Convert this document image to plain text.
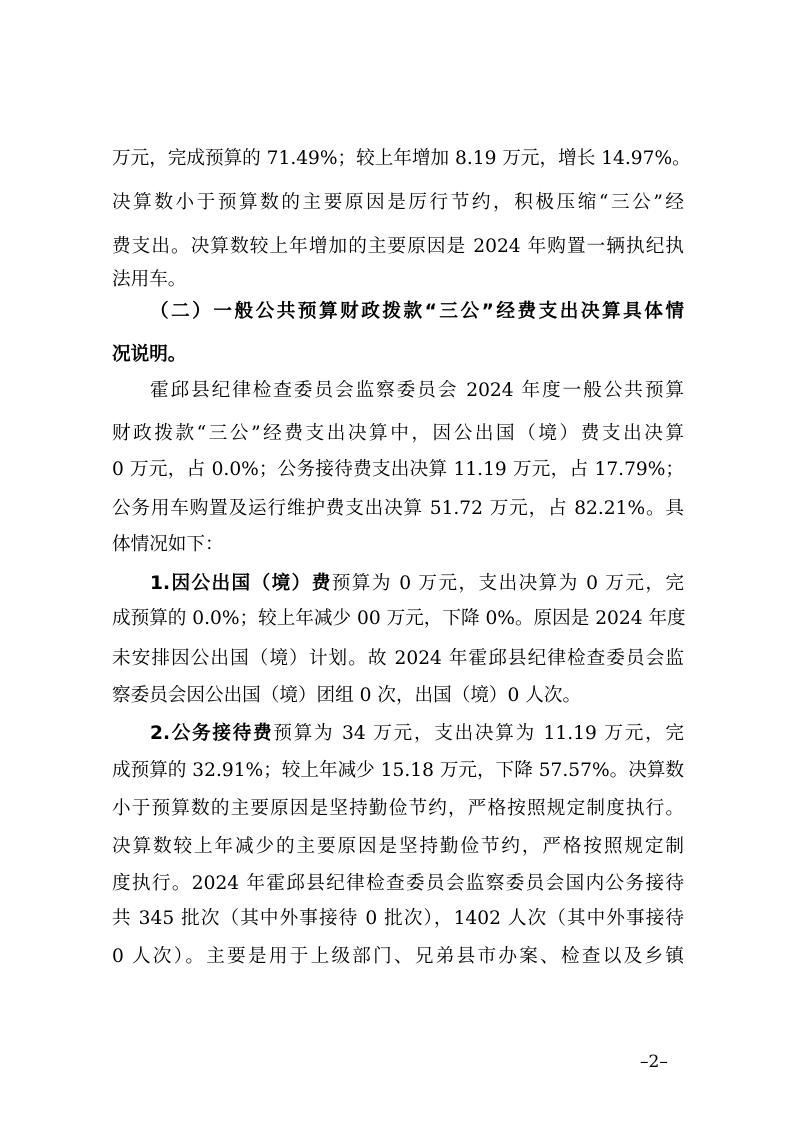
万元，完成预算的 71.49%；较上年增加 8.19 万元，增长 14.97%。
决算数小于预算数的主要原因是厉行节约，积极压缩“三公”经
费支出。决算数较上年增加的主要原因是 2024 年购置一辆执纪执
法用车。
（二）一般公共预算财政拨款“三公”经费支出决算具体情
况说明。
霍邱县纪律检查委员会监察委员会 2024 年度一般公共预算
财政拨款“三公”经费支出决算中，因公出国（境）费支出决算
0 万元，占 0.0%；公务接待费支出决算 11.19 万元，占 17.79%；
公务用车购置及运行维护费支出决算 51.72 万元，占 82.21%。具
体情况如下：
1.因公出国（境）费预算为 0 万元，支出决算为 0 万元，完
成预算的 0.0%；较上年减少 00 万元，下降 0%。原因是 2024 年度
未安排因公出国（境）计划。故 2024 年霍邱县纪律检查委员会监
察委员会因公出国（境）团组 0 次，出国（境）0 人次。
2.公务接待费预算为 34 万元，支出决算为 11.19 万元，完
成预算的 32.91%；较上年减少 15.18 万元，下降 57.57%。决算数
小于预算数的主要原因是坚持勤俭节约，严格按照规定制度执行。
决算数较上年减少的主要原因是坚持勤俭节约，严格按照规定制
度执行。2024 年霍邱县纪律检查委员会监察委员会国内公务接待
共 345 批次（其中外事接待 0 批次），1402 人次（其中外事接待
0 人次）。主要是用于上级部门、兄弟县市办案、检查以及乡镇
–2–
